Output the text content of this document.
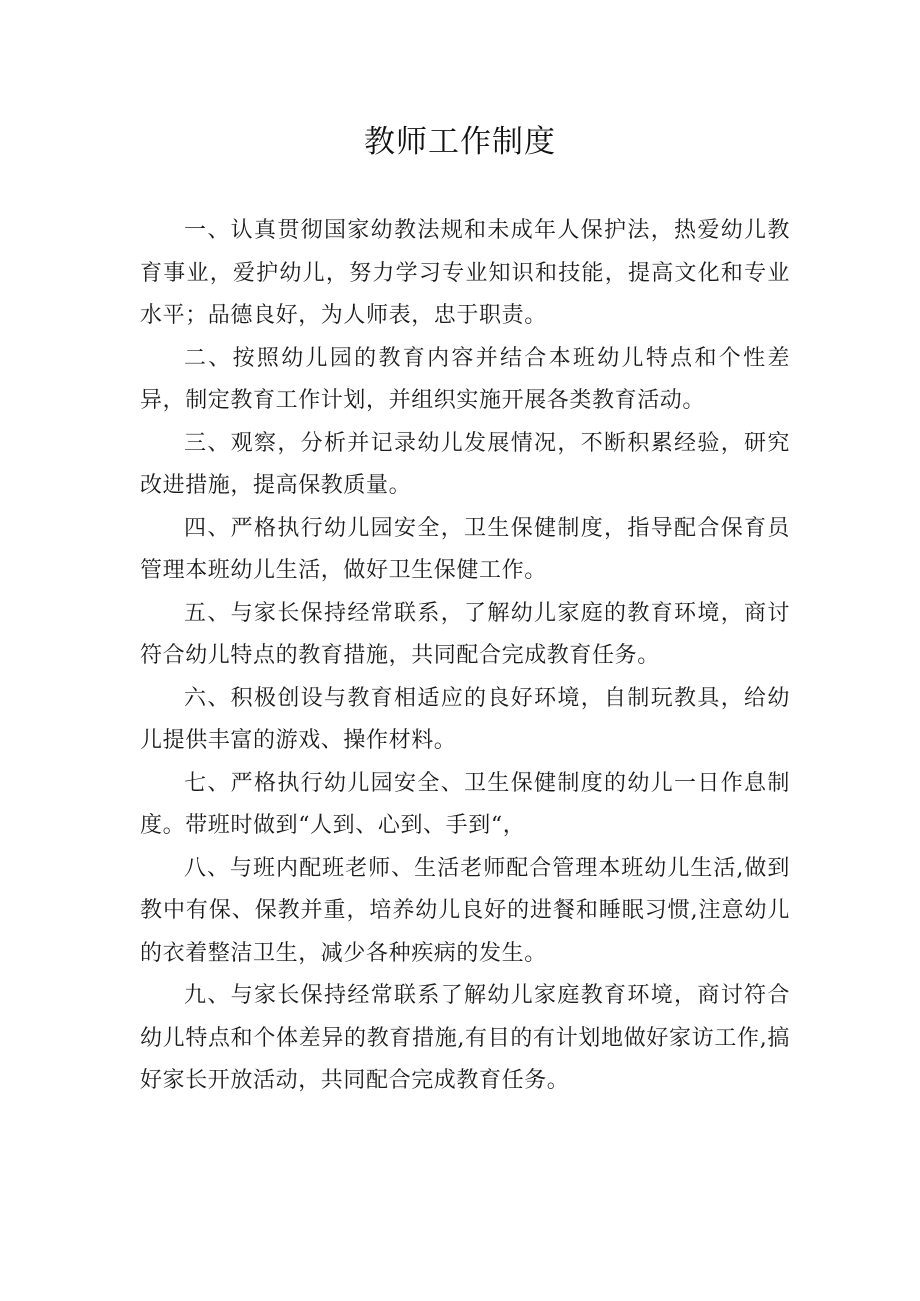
教师工作制度

一、认真贯彻国家幼教法规和未成年人保护法，热爱幼儿教育事业，爱护幼儿，努力学习专业知识和技能，提高文化和专业水平；品德良好，为人师表，忠于职责。

二、按照幼儿园的教育内容并结合本班幼儿特点和个性差异，制定教育工作计划，并组织实施开展各类教育活动。

三、观察，分析并记录幼儿发展情况，不断积累经验，研究改进措施，提高保教质量。

四、严格执行幼儿园安全，卫生保健制度，指导配合保育员管理本班幼儿生活，做好卫生保健工作。

五、与家长保持经常联系，了解幼儿家庭的教育环境，商讨符合幼儿特点的教育措施，共同配合完成教育任务。

六、积极创设与教育相适应的良好环境，自制玩教具，给幼儿提供丰富的游戏、操作材料。

七、严格执行幼儿园安全、卫生保健制度的幼儿一日作息制度。带班时做到“人到、心到、手到“，

八、与班内配班老师、生活老师配合管理本班幼儿生活,做到教中有保、保教并重，培养幼儿良好的进餐和睡眠习惯,注意幼儿的衣着整洁卫生，减少各种疾病的发生。

九、与家长保持经常联系了解幼儿家庭教育环境，商讨符合幼儿特点和个体差异的教育措施,有目的有计划地做好家访工作,搞好家长开放活动，共同配合完成教育任务。
